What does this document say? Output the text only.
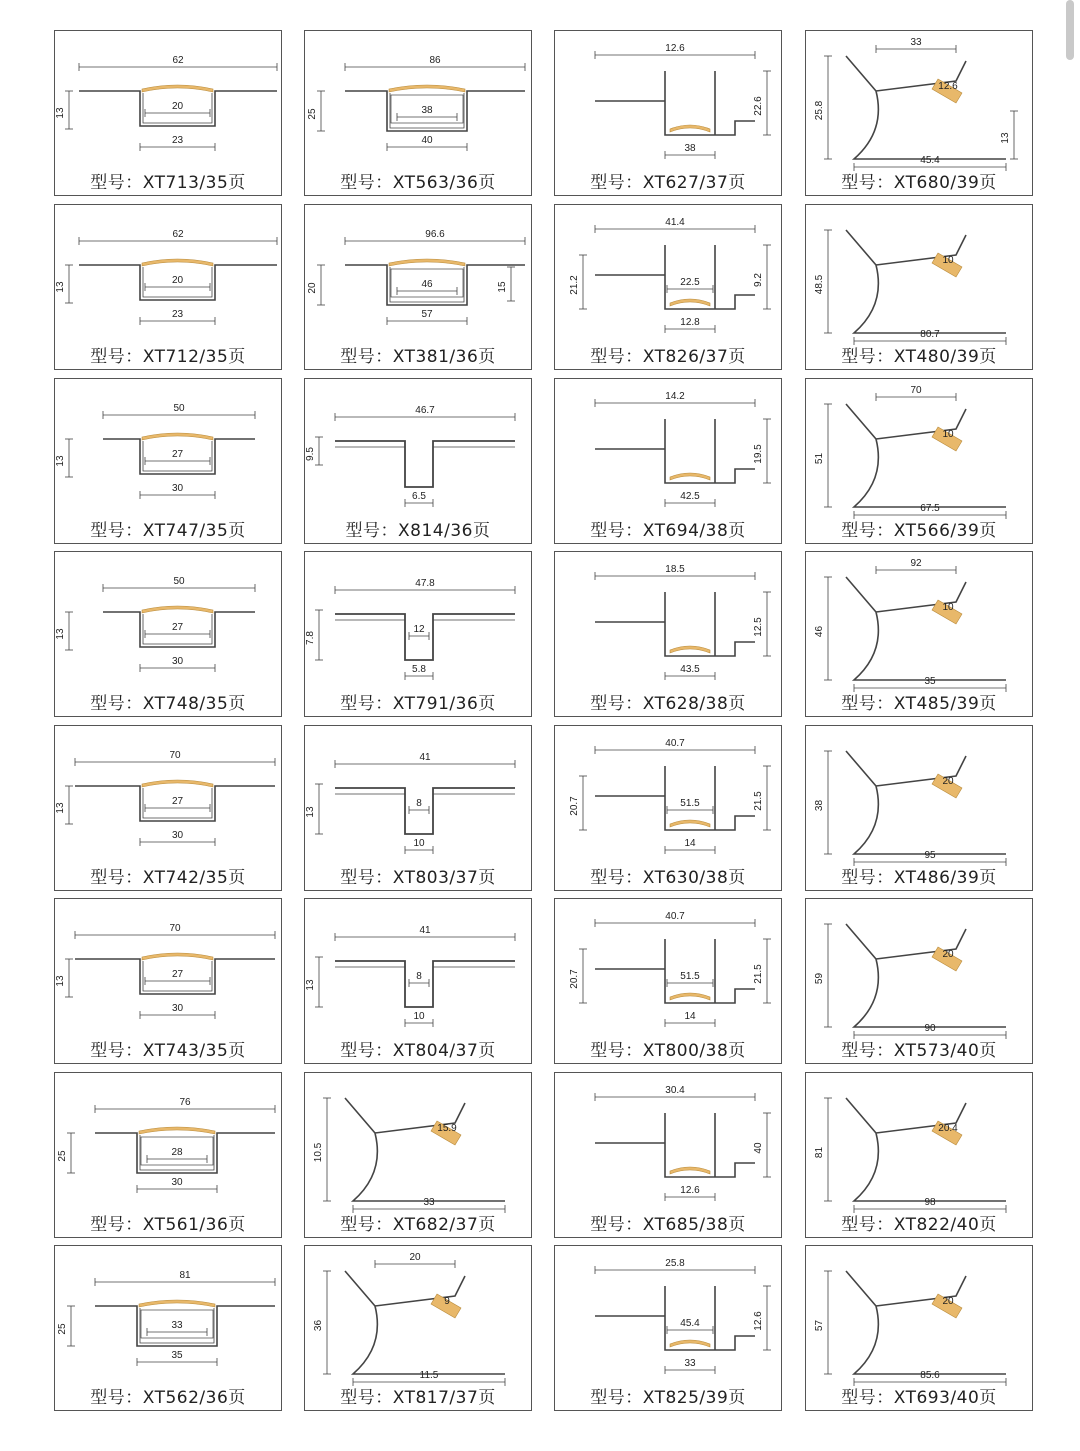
62
20
23
13
型号：XT713/35页
86
38
40
25
型号：XT563/36页
12.6
22.6
38
型号：XT627/37页
25.8
12.6
45.4
33
13
型号：XT680/39页
62
20
23
13
型号：XT712/35页
96.6
46
57
20	15
型号：XT381/36页
41.4
9.2
12.8
22.5
21.2
型号：XT826/37页
48.5
10
80.7
型号：XT480/39页
50
27
30
13
型号：XT747/35页
46.7
9.5
6.5
型号：X814/36页
14.2
19.5
42.5
型号：XT694/38页
51
10
67.5
70
型号：XT566/39页
50
27
30
13
型号：XT748/35页
47.8
12
5.8
7.8
型号：XT791/36页
18.5
12.5
43.5
型号：XT628/38页
46
10
35
92
型号：XT485/39页
70
27
30
13
型号：XT742/35页
41
8
10
13
型号：XT803/37页
40.7
21.5
14
51.5
20.7
型号：XT630/38页
38
20
95
型号：XT486/39页
70
27
30
13
型号：XT743/35页
41
8
10
13
型号：XT804/37页
40.7
21.5
14
51.5
20.7
型号：XT800/38页
59
20
90
型号：XT573/40页
76
28
30
25
型号：XT561/36页
10.5
15.9
33
型号：XT682/37页
30.4
40
12.6
型号：XT685/38页
81
20.4
98
型号：XT822/40页
81
33
35
25
型号：XT562/36页
36
9
11.5
20
型号：XT817/37页
25.8
12.6
33
45.4
型号：XT825/39页
57
20
85.6
型号：XT693/40页
